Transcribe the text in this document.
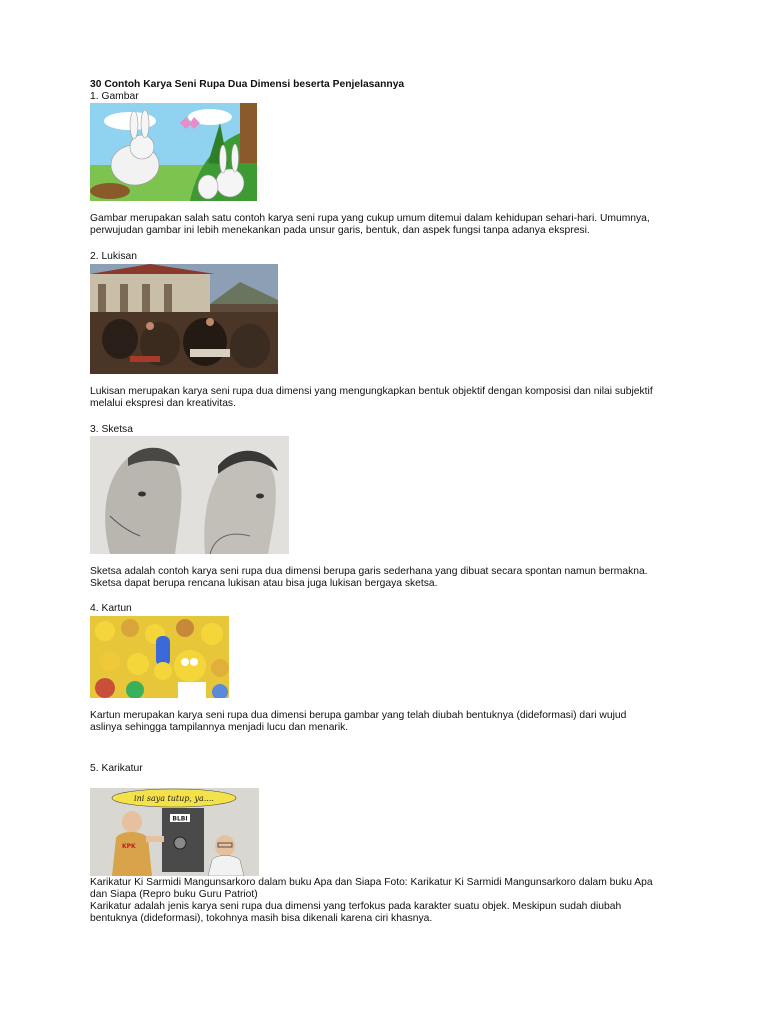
30 Contoh Karya Seni Rupa Dua Dimensi beserta Penjelasannya
1. Gambar
Gambar merupakan salah satu contoh karya seni rupa yang cukup umum ditemui dalam kehidupan sehari-hari. Umumnya,
perwujudan gambar ini lebih menekankan pada unsur garis, bentuk, dan aspek fungsi tanpa adanya ekspresi.
2. Lukisan
Lukisan merupakan karya seni rupa dua dimensi yang mengungkapkan bentuk objektif dengan komposisi dan nilai subjektif
melalui ekspresi dan kreativitas.
3. Sketsa
Sketsa adalah contoh karya seni rupa dua dimensi berupa garis sederhana yang dibuat secara spontan namun bermakna.
Sketsa dapat berupa rencana lukisan atau bisa juga lukisan bergaya sketsa.
4. Kartun
Kartun merupakan karya seni rupa dua dimensi berupa gambar yang telah diubah bentuknya (dideformasi) dari wujud
aslinya sehingga tampilannya menjadi lucu dan menarik.
5. Karikatur
ini saya tutup, ya....
BLBI
KPK
Karikatur Ki Sarmidi Mangunsarkoro dalam buku Apa dan Siapa Foto: Karikatur Ki Sarmidi Mangunsarkoro dalam buku Apa
dan Siapa (Repro buku Guru Patriot)
Karikatur adalah jenis karya seni rupa dua dimensi yang terfokus pada karakter suatu objek. Meskipun sudah diubah
bentuknya (dideformasi), tokohnya masih bisa dikenali karena ciri khasnya.
